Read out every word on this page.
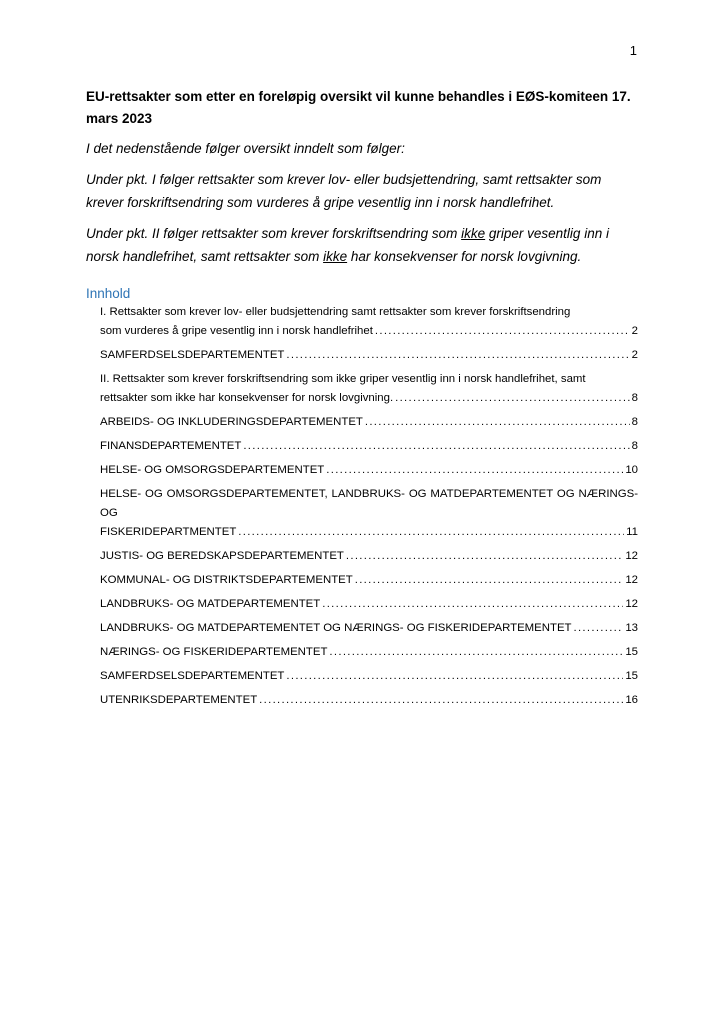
1

EU-rettsakter som etter en foreløpig oversikt vil kunne behandles i EØS-komiteen 17. mars 2023

I det nedenstående følger oversikt inndelt som følger:

Under pkt. I følger rettsakter som krever lov- eller budsjettendring, samt rettsakter som krever forskriftsendring som vurderes å gripe vesentlig inn i norsk handlefrihet.

Under pkt. II følger rettsakter som krever forskriftsendring som ikke griper vesentlig inn i norsk handlefrihet, samt rettsakter som ikke har konsekvenser for norsk lovgivning.

Innhold
I. Rettsakter som krever lov- eller budsjettendring samt rettsakter som krever forskriftsendring
som vurderes å gripe vesentlig inn i norsk handlefrihet .....	2
SAMFERDSELSDEPARTEMENTET .....	2
II. Rettsakter som krever forskriftsendring som ikke griper vesentlig inn i norsk handlefrihet, samt
rettsakter som ikke har konsekvenser for norsk lovgivning. .....	8
ARBEIDS- OG INKLUDERINGSDEPARTEMENTET .....	8
FINANSDEPARTEMENTET .....	8
HELSE- OG OMSORGSDEPARTEMENTET .....	10
HELSE- OG OMSORGSDEPARTEMENTET, LANDBRUKS- OG MATDEPARTEMENTET OG NÆRINGS- OG
FISKERIDEPARTMENTET .....	11
JUSTIS- OG BEREDSKAPSDEPARTEMENTET .....	12
KOMMUNAL- OG DISTRIKTSDEPARTEMENTET .....	12
LANDBRUKS- OG MATDEPARTEMENTET .....	12
LANDBRUKS- OG MATDEPARTEMENTET OG NÆRINGS- OG FISKERIDEPARTEMENTET .....	13
NÆRINGS- OG FISKERIDEPARTEMENTET .....	15
SAMFERDSELSDEPARTEMENTET .....	15
UTENRIKSDEPARTEMENTET .....	16
